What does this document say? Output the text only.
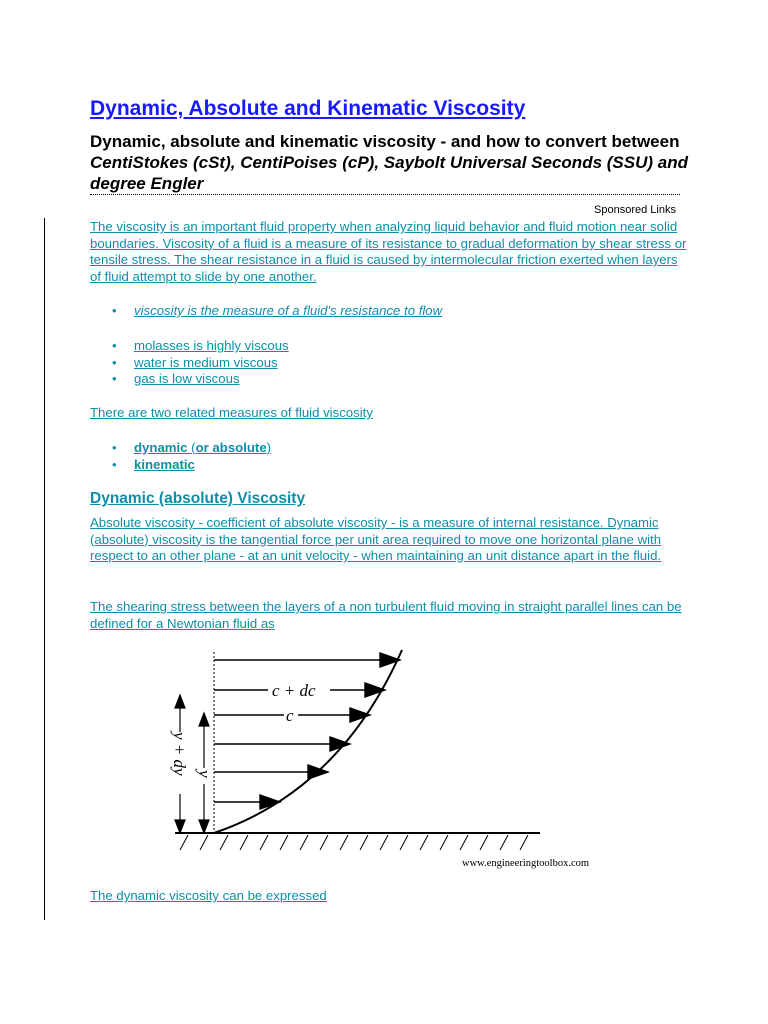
Dynamic, Absolute and Kinematic Viscosity

Dynamic, absolute and kinematic viscosity - and how to convert between CentiStokes (cSt), CentiPoises (cP), Saybolt Universal Seconds (SSU) and degree Engler

Sponsored Links

The viscosity is an important fluid property when analyzing liquid behavior and fluid motion near solid boundaries. Viscosity of a fluid is a measure of its resistance to gradual deformation by shear stress or tensile stress. The shear resistance in a fluid is caused by intermolecular friction exerted when layers of fluid attempt to slide by one another.

• viscosity is the measure of a fluid's resistance to flow
• molasses is highly viscous
• water is medium viscous
• gas is low viscous

There are two related measures of fluid viscosity

• dynamic (or absolute)
• kinematic
Dynamic (absolute) Viscosity

Absolute viscosity - coefficient of absolute viscosity - is a measure of internal resistance. Dynamic (absolute) viscosity is the tangential force per unit area required to move one horizontal plane with respect to an other plane - at an unit velocity - when maintaining an unit distance apart in the fluid.

The shearing stress between the layers of a non turbulent fluid moving in straight parallel lines can be defined for a Newtonian fluid as

c + dc
c
y + dy y
www.engineeringtoolbox.com

The dynamic viscosity can be expressed
